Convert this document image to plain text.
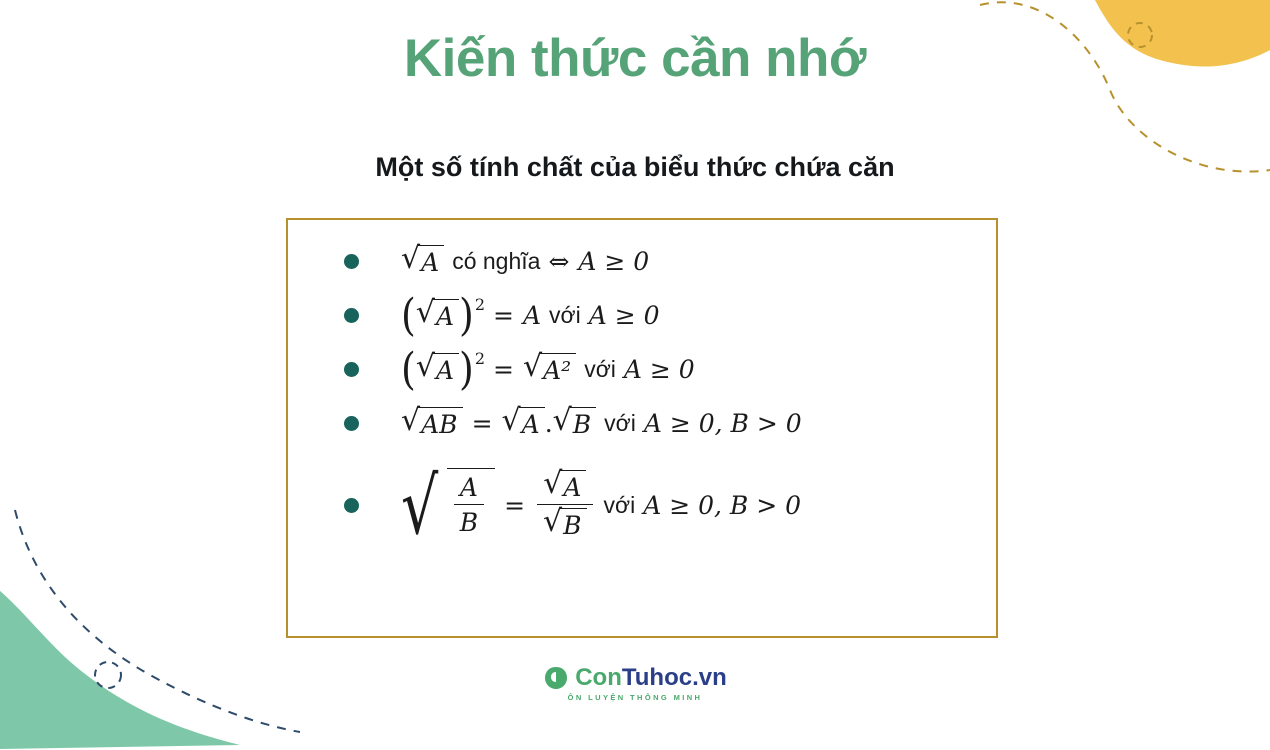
Kiến thức cần nhớ
Một số tính chất của biểu thức chứa căn
√ A có nghĩa ⇔ A ≥ 0
( √ A ) 2 = A với A ≥ 0
( √ A ) 2 = √ A² với A ≥ 0
√ AB = √ A . √ B với A ≥ 0, B > 0
√ $\frac{A}{B} = \frac{√ A}{√ B}$ với A ≥ 0, B > 0
ConTuhoc.vn
ÔN LUYỆN THÔNG MINH
